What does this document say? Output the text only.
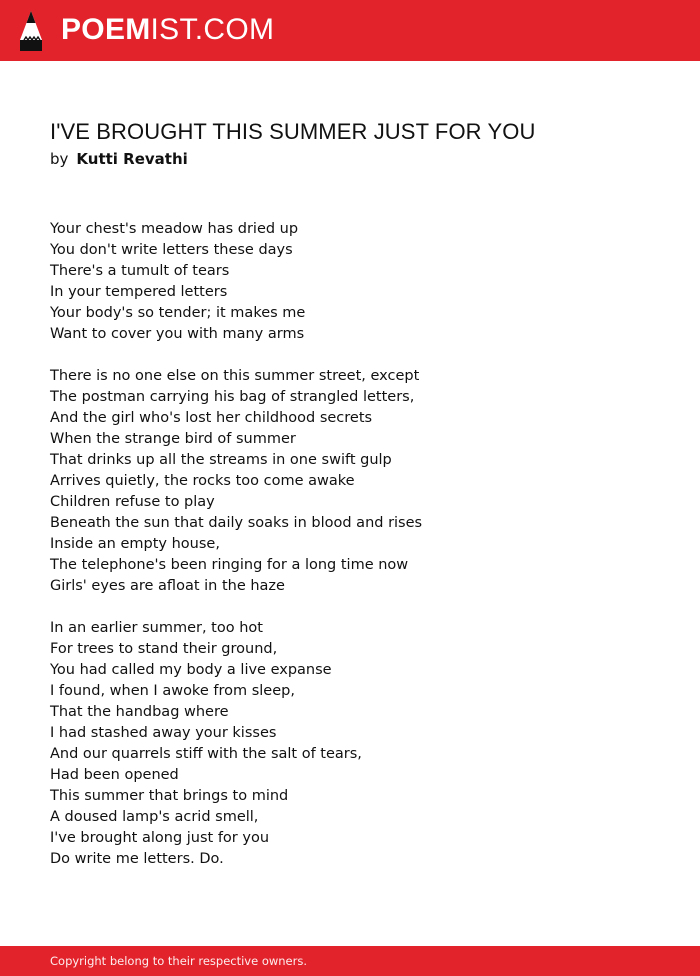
POEMIST.COM
I'VE BROUGHT THIS SUMMER JUST FOR YOU
by Kutti Revathi
Your chest's meadow has dried up
You don't write letters these days
There's a tumult of tears
In your tempered letters
Your body's so tender; it makes me
Want to cover you with many arms
There is no one else on this summer street, except
The postman carrying his bag of strangled letters,
And the girl who's lost her childhood secrets
When the strange bird of summer
That drinks up all the streams in one swift gulp
Arrives quietly, the rocks too come awake
Children refuse to play
Beneath the sun that daily soaks in blood and rises
Inside an empty house,
The telephone's been ringing for a long time now
Girls' eyes are afloat in the haze
In an earlier summer, too hot
For trees to stand their ground,
You had called my body a live expanse
I found, when I awoke from sleep,
That the handbag where
I had stashed away your kisses
And our quarrels stiff with the salt of tears,
Had been opened
This summer that brings to mind
A doused lamp's acrid smell,
I've brought along just for you
Do write me letters. Do.
Copyright belong to their respective owners.
